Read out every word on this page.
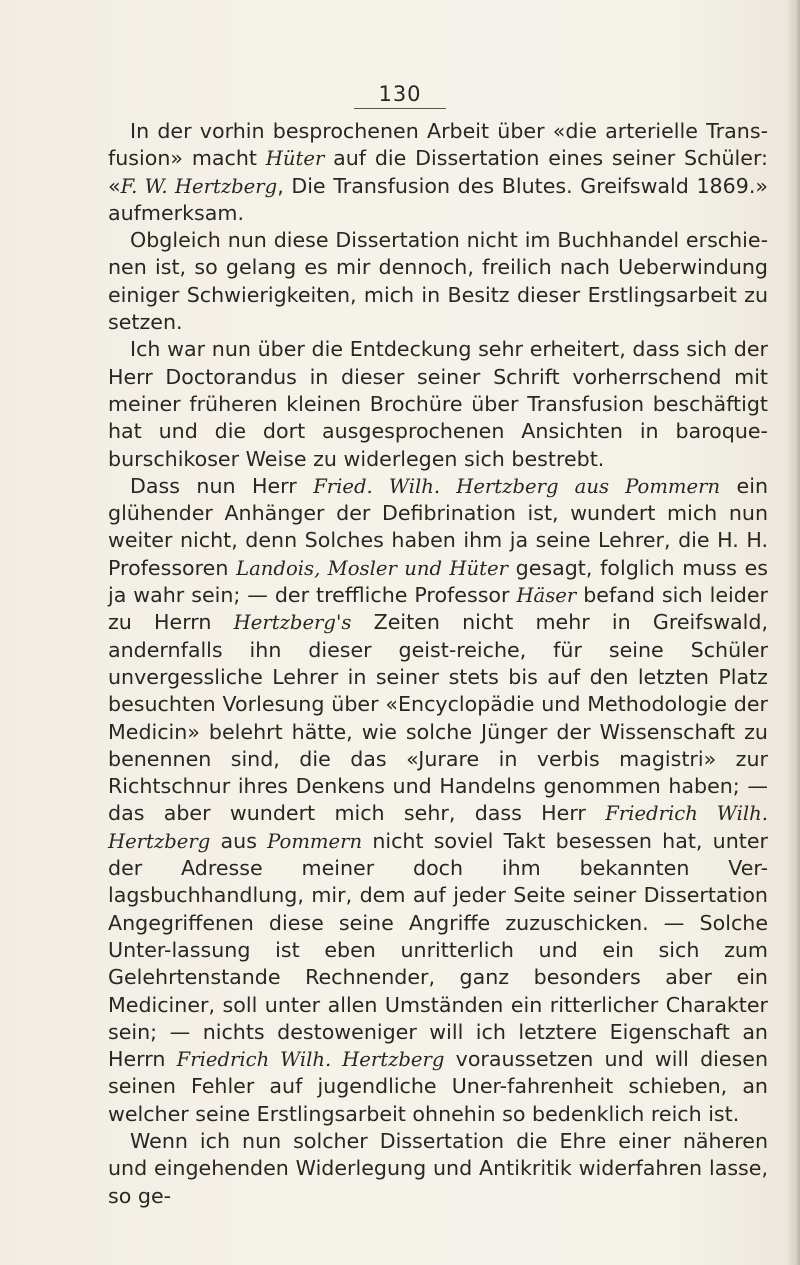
130

In der vorhin besprochenen Arbeit über «die arterielle Trans-fusion» macht Hüter auf die Dissertation eines seiner Schüler: «F. W. Hertzberg, Die Transfusion des Blutes. Greifswald 1869.» aufmerksam.

Obgleich nun diese Dissertation nicht im Buchhandel erschie-nen ist, so gelang es mir dennoch, freilich nach Ueberwindung einiger Schwierigkeiten, mich in Besitz dieser Erstlingsarbeit zu setzen.

Ich war nun über die Entdeckung sehr erheitert, dass sich der Herr Doctorandus in dieser seiner Schrift vorherrschend mit meiner früheren kleinen Brochüre über Transfusion beschäftigt hat und die dort ausgesprochenen Ansichten in baroque-burschikoser Weise zu widerlegen sich bestrebt.

Dass nun Herr Fried. Wilh. Hertzberg aus Pommern ein glühender Anhänger der Defibrination ist, wundert mich nun weiter nicht, denn Solches haben ihm ja seine Lehrer, die H. H. Professoren Landois, Mosler und Hüter gesagt, folglich muss es ja wahr sein; — der treffliche Professor Häser befand sich leider zu Herrn Hertzberg's Zeiten nicht mehr in Greifswald, andernfalls ihn dieser geist-reiche, für seine Schüler unvergessliche Lehrer in seiner stets bis auf den letzten Platz besuchten Vorlesung über «Encyclopädie und Methodologie der Medicin» belehrt hätte, wie solche Jünger der Wissenschaft zu benennen sind, die das «Jurare in verbis magistri» zur Richtschnur ihres Denkens und Handelns genommen haben; — das aber wundert mich sehr, dass Herr Friedrich Wilh. Hertzberg aus Pommern nicht soviel Takt besessen hat, unter der Adresse meiner doch ihm bekannten Ver-lagsbuchhandlung, mir, dem auf jeder Seite seiner Dissertation Angegriffenen diese seine Angriffe zuzuschicken. — Solche Unter-lassung ist eben unritterlich und ein sich zum Gelehrtenstande Rechnender, ganz besonders aber ein Mediciner, soll unter allen Umständen ein ritterlicher Charakter sein; — nichts destoweniger will ich letztere Eigenschaft an Herrn Friedrich Wilh. Hertzberg voraussetzen und will diesen seinen Fehler auf jugendliche Uner-fahrenheit schieben, an welcher seine Erstlingsarbeit ohnehin so bedenklich reich ist.

Wenn ich nun solcher Dissertation die Ehre einer näheren und eingehenden Widerlegung und Antikritik widerfahren lasse, so ge-
